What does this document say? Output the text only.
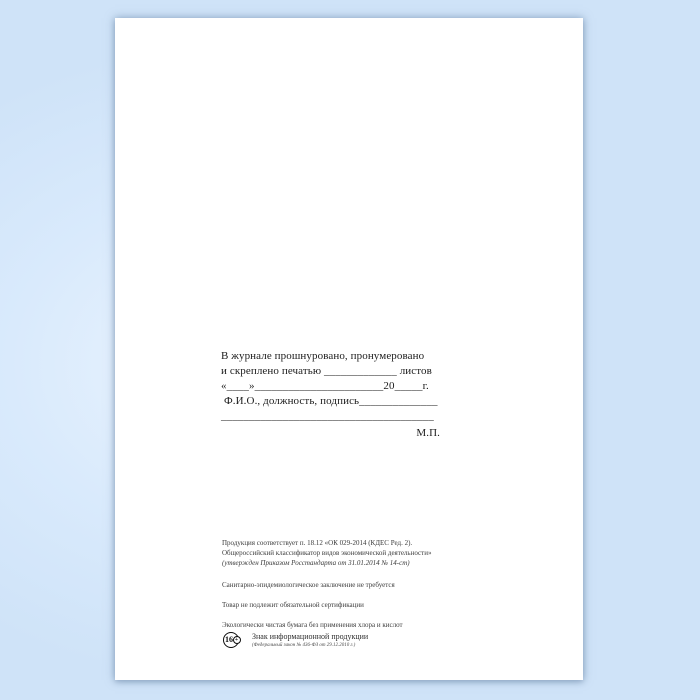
В журнале прошнуровано, пронумеровано
и скреплено печатью _____________ листов
«____»_______________________20_____г.
Ф.И.О., должность, подпись______________
______________________________________
М.П.
Продукция соответствует п. 18.12 «ОК 029-2014 (КДЕС Ред. 2).
Общероссийский классификатор видов экономической деятельности»
(утвержден Приказом Росстандарта от 31.01.2014 № 14-ст)
Санитарно-эпидемиологическое заключение не требуется
Товар не подлежит обязательной сертификации
Экологически чистая бумага без применения хлора и кислот
16 + Знак информационной продукции
(Федеральный закон № 436-ФЗ от 29.12.2010 г.)
